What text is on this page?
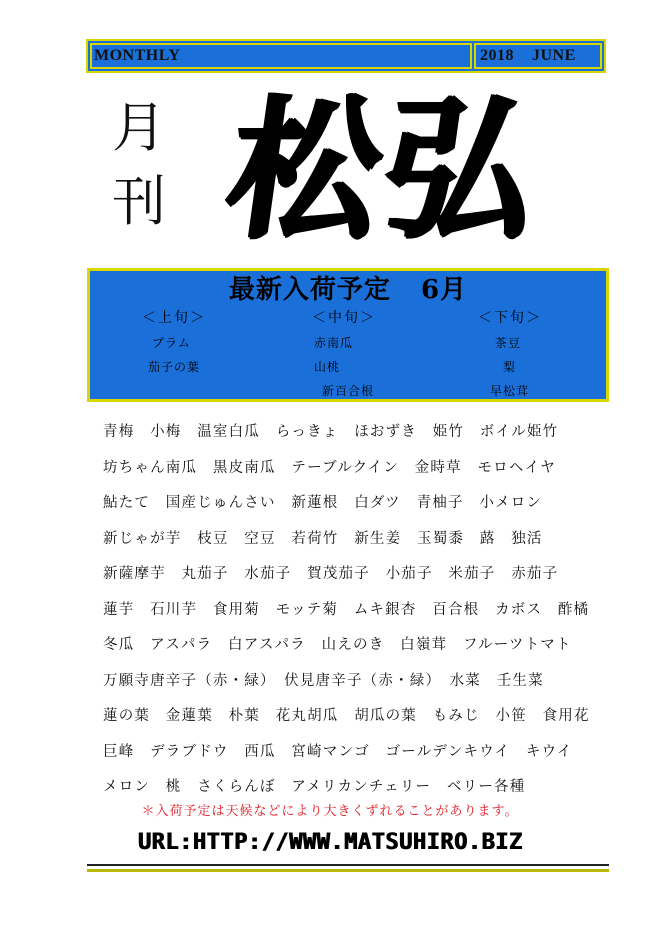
MONTHLY	2018    JUNE
月
刊 松弘
最新入荷予定   6月
＜上旬＞
プラム
茄子の葉
＜中旬＞
赤南瓜
山桃
新百合根
＜下旬＞
茶豆
梨
早松茸
青梅　小梅　温室白瓜　らっきょ　ほおずき　姫竹　ボイル姫竹
坊ちゃん南瓜　黒皮南瓜　テーブルクイン　金時草　モロヘイヤ
鮎たて　国産じゅんさい　新蓮根　白ダツ　青柚子　小メロン
新じゃが芋　枝豆　空豆　若荷竹　新生姜　玉蜀黍　蕗　独活
新薩摩芋　丸茄子　水茄子　賀茂茄子　小茄子　米茄子　赤茄子
蓮芋　石川芋　食用菊　モッテ菊　ムキ銀杏　百合根　カボス　酢橘
冬瓜　アスパラ　白アスパラ　山えのき　白嶺茸　フルーツトマト
万願寺唐辛子（赤・緑）　伏見唐辛子（赤・緑）　水菜　壬生菜
蓮の葉　金蓮葉　朴葉　花丸胡瓜　胡瓜の葉　もみじ　小笹　食用花
巨峰　デラブドウ　西瓜　宮崎マンゴ　ゴールデンキウイ　キウイ
メロン　桃　さくらんぼ　アメリカンチェリー　ベリー各種
＊入荷予定は天候などにより大きくずれることがあります。
URL:HTTP://WWW.MATSUHIRO.BIZ
